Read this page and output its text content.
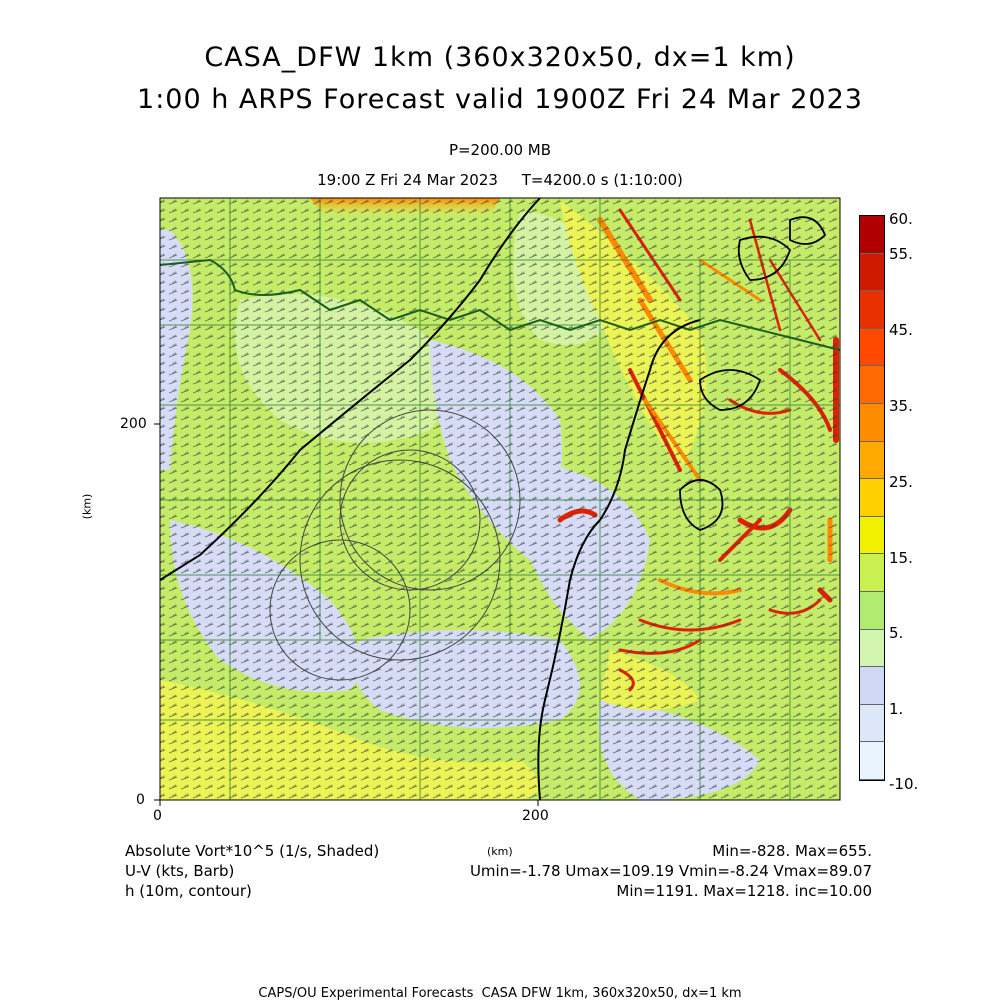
60.
55.
45.
35.
25.
15.
5.
1.
-10.
CASA_DFW 1km (360x320x50, dx=1 km)
1:00 h ARPS Forecast valid 1900Z Fri 24 Mar 2023
P=200.00 MB
19:00 Z Fri 24 Mar 2023     T=4200.0 s (1:10:00)
0	200
0
200
(km)
(km)
Absolute Vort*10^5 (1/s, Shaded)
U-V (kts, Barb)
h (10m, contour)
Min=-828. Max=655.
Umin=-1.78 Umax=109.19 Vmin=-8.24 Vmax=89.07
Min=1191. Max=1218. inc=10.00
CAPS/OU Experimental Forecasts  CASA DFW 1km, 360x320x50, dx=1 km
